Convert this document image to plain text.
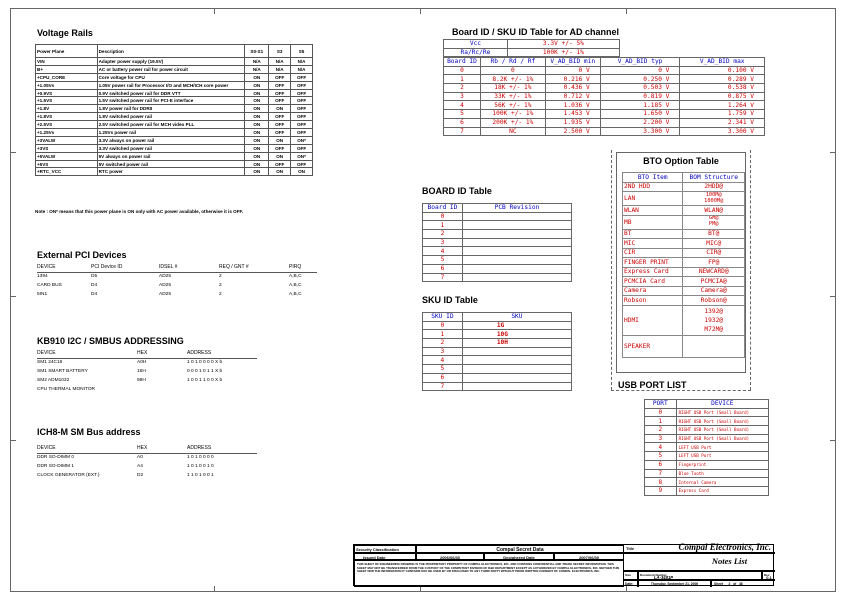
Voltage Rails
Power Plane	Description	S0-S1	S3	S5
VIN	Adapter power supply (19.5V)	N/A	N/A	N/A
B+	AC or battery power rail for power circuit	N/A	N/A	N/A
+CPU_CORE	Core voltage for CPU	ON	OFF	OFF
+1.05Vs	1.05V power rail for Processor I/O and MCH/ICH core power	ON	OFF	OFF
+0.9VS	0.9V switched power rail for DDR VTT	ON	OFF	OFF
+1.5VS	1.5V switched power rail for PCI-E interface	ON	OFF	OFF
+1.8V	1.8V power rail for DDRII	ON	ON	OFF
+1.8VS	1.8V switched power rail	ON	OFF	OFF
+2.5VS	2.5V switched power rail for MCH video PLL	ON	OFF	OFF
+1.25Vs	1.25Vs power rail	ON	OFF	OFF
+3VALW	3.3V always on power rail	ON	ON	ON*
+3VS	3.3V switched power rail	ON	OFF	OFF
+5VALW	5V always on power rail	ON	ON	ON*
+5VS	5V switched power rail	ON	OFF	OFF
+RTC_VCC	RTC power	ON	ON	ON
Note : ON* means that this power plane is ON only with AC power available, otherwise it is OFF.
External PCI Devices
DEVICE	PCI Device ID	IDSEL #	REQ / GNT #	PIRQ
1394	D5	AD25	2	A,B,C
CARD BUS	D4	AD25	2	A,B,C
5IN1	D4	AD25	2	A,B,C
KB910 I2C / SMBUS ADDRESSING
DEVICE	HEX	ADDRESS
SM1 24C16	A0H	1 0 1 0 0 0 0 X b
SM1 SMART BATTERY	16H	0 0 0 1 0 1 1 X b
SM2 ADM1032	98H	1 0 0 1 1 0 0 X b
CPU THERMAL MONITOR		
ICH8-M SM Bus address
DEVICE	HEX	ADDRESS
DDR SO-DIMM 0	A0	1 0 1 0 0 0 0
DDR SO-DIMM 1	A4	1 0 1 0 0 1 0
CLOCK GENERATOR (EXT.)	D2	1 1 0 1 0 0 1
Board ID / SKU ID Table for AD channel
Vcc	3.3V +/- 5%
Ra/Rc/Re	100K +/- 1%
Board ID	Rb / Rd / Rf	V_AD_BID min	V_AD_BID typ	V_AD_BID max
0	0	0 V	0 V	0.100 V
1	8.2K +/- 1%	0.216 V	0.250 V	0.289 V
2	18K +/- 1%	0.436 V	0.503 V	0.538 V
3	33K +/- 1%	0.712 V	0.819 V	0.875 V
4	56K +/- 1%	1.036 V	1.185 V	1.264 V
5	100K +/- 1%	1.453 V	1.650 V	1.759 V
6	200K +/- 1%	1.935 V	2.200 V	2.341 V
7	NC	2.500 V	3.300 V	3.300 V
BOARD ID Table
Board ID	PCB Revision
0	
1	
2	
3	
4	
5	
6	
7	
SKU ID Table
SKU ID	SKU
0	1G
1	10G
2	10H
3	
4	
5	
6	
7	
BTO Option Table
BTO Item	BOM Structure
2ND HDD	2HDD@
LAN	100M@
1000M@
WLAN	WLAN@
MB	GM@
PM@
BT	BT@
MIC	MIC@
CIR	CIR@
FINGER PRINT	FP@
Express Card	NEWCARD@
PCMCIA Card	PCMCIA@
Camera	Camera@
Robson	Robson@
HDMI	1392@
1932@
M72M@
SPEAKER	
USB PORT LIST
PORT	DEVICE
0	RIGHT USB Port (Small Board)
1	RIGHT USB Port (Small Board)
2	RIGHT USB Port (Small Board)
3	RIGHT USB Port (Small Board)
4	LEFT USB Port
5	LEFT USB Port
6	Fingerprint
7	Blue Tooth
8	Internal Camera
9	Express Card
Security Classification	Compal Secret Data
Issued Date	2006/06/30	Deciphered Date	2007/06/30
THIS SHEET OF ENGINEERING DRAWING IS THE PROPRIETARY PROPERTY OF COMPAL ELECTRONICS, INC. AND CONTAINS CONFIDENTIAL AND TRADE SECRET INFORMATION. THIS SHEET MAY NOT BE TRANSFERRED FROM THE CUSTODY OF THE COMPETENT DIVISION OF R&D DEPARTMENT EXCEPT AS AUTHORIZED BY COMPAL ELECTRONICS, INC. NEITHER THIS SHEET NOR THE INFORMATION IT CONTAINS MAY BE USED BY OR DISCLOSED TO ANY THIRD PARTY WITHOUT PRIOR WRITTEN CONSENT OF COMPAL ELECTRONICS, INC.
Title	Compal Electronics, Inc.
Notes List
Size	Document Number
LA-3481P	Rev
0.1
Date:	Thursday, September 21, 2006	Sheet 2 of 48
